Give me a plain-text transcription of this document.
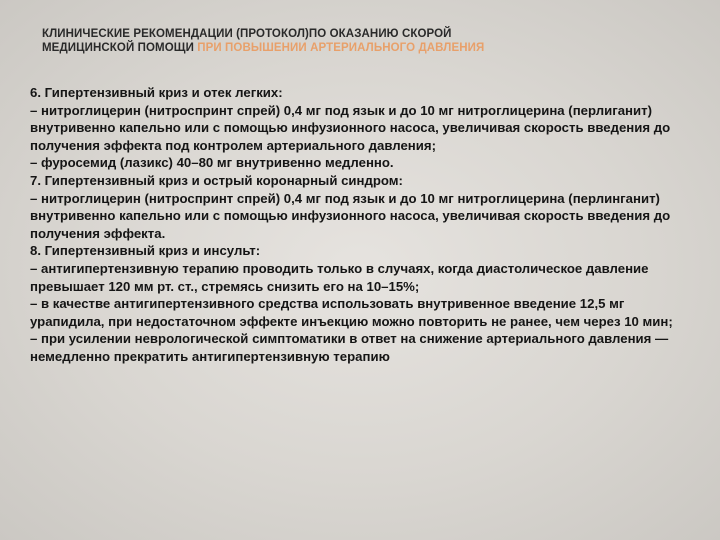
КЛИНИЧЕСКИЕ РЕКОМЕНДАЦИИ (ПРОТОКОЛ)ПО ОКАЗАНИЮ СКОРОЙ МЕДИЦИНСКОЙ ПОМОЩИ ПРИ ПОВЫШЕНИИ АРТЕРИАЛЬНОГО ДАВЛЕНИЯ

6. Гипертензивный криз и отек легких:

– нитроглицерин (нитроспринт спрей) 0,4 мг под язык и до 10 мг нитроглицерина (перлиганит) внутривенно капельно или с помощью инфузионного насоса, увеличивая скорость введения до получения эффекта под контролем артериального давления;

– фуросемид (лазикс) 40–80 мг внутривенно медленно.

7. Гипертензивный криз и острый коронарный синдром:

– нитроглицерин (нитроспринт спрей) 0,4 мг под язык и до 10 мг нитроглицерина (перлинганит) внутривенно капельно или с помощью инфузионного насоса, увеличивая скорость введения до получения эффекта.

8. Гипертензивный криз и инсульт:

– антигипертензивную терапию проводить только в случаях, когда диастолическое давление превышает 120 мм рт. ст., стремясь снизить его на 10–15%;

– в качестве антигипертензивного средства использовать внутривенное введение 12,5 мг урапидила, при недостаточном эффекте инъекцию можно повторить не ранее, чем через 10 мин;

– при усилении неврологической симптоматики в ответ на снижение артериального давления — немедленно прекратить антигипертензивную терапию
